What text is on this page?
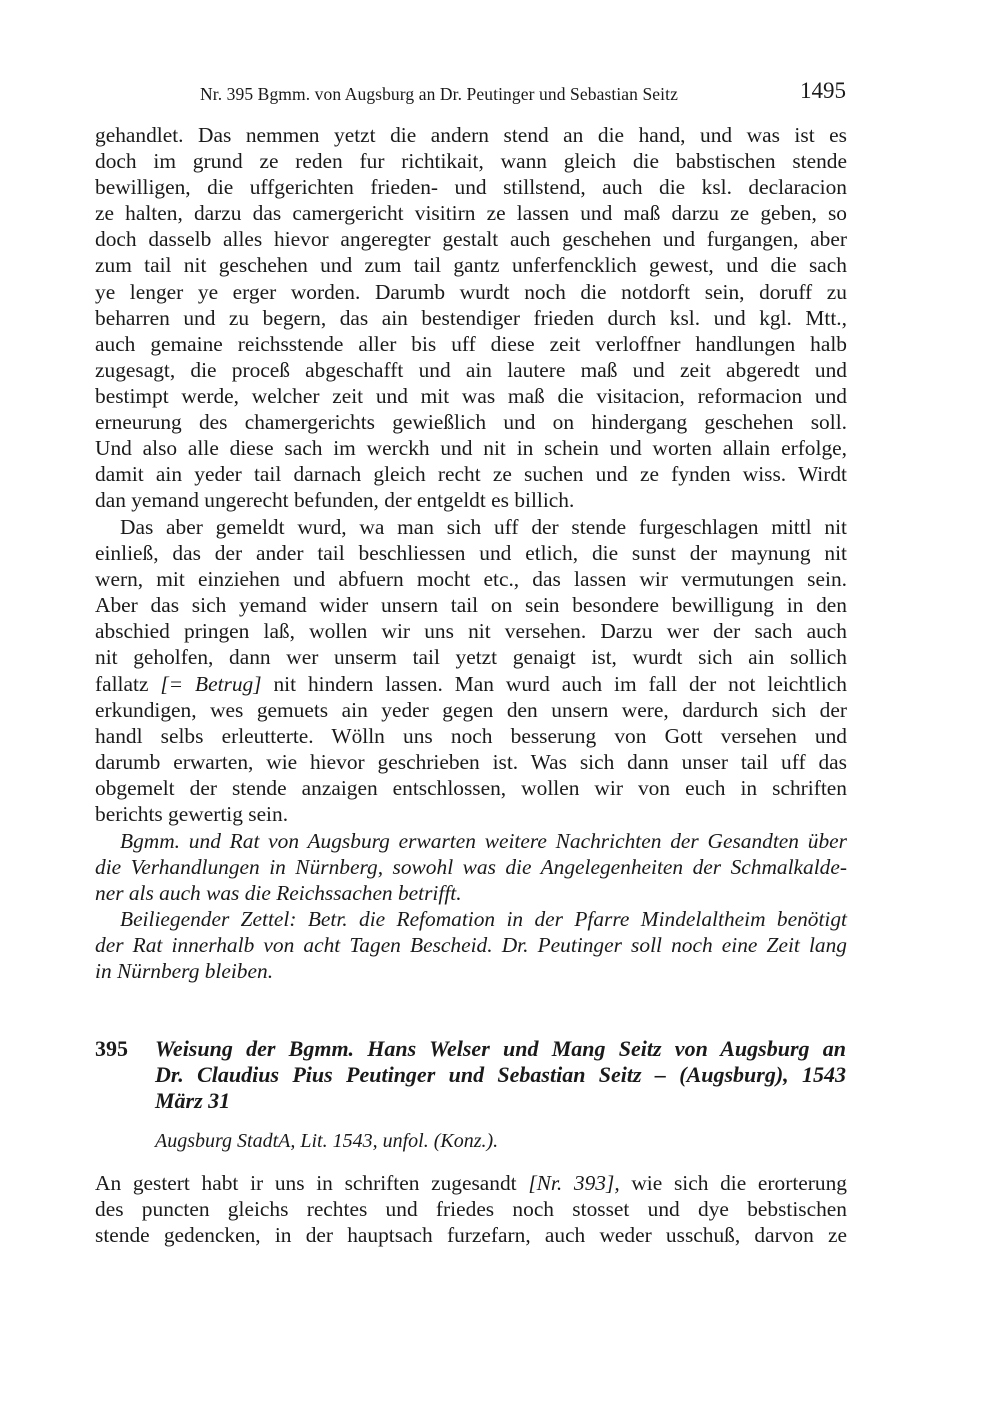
Nr. 395 Bgmm. von Augsburg an Dr. Peutinger und Sebastian Seitz	1495
gehandlet. Das nemmen yetzt die andern stend an die hand, und was ist es
doch im grund ze reden fur richtikait, wann gleich die babstischen stende
bewilligen, die uffgerichten frieden- und stillstend, auch die ksl. declaracion
ze halten, darzu das camergericht visitirn ze lassen und maß darzu ze geben, so
doch dasselb alles hievor angeregter gestalt auch geschehen und furgangen, aber
zum tail nit geschehen und zum tail gantz unferfencklich gewest, und die sach
ye lenger ye erger worden. Darumb wurdt noch die notdorft sein, doruff zu
beharren und zu begern, das ain bestendiger frieden durch ksl. und kgl. Mtt.,
auch gemaine reichsstende aller bis uff diese zeit verloffner handlungen halb
zugesagt, die proceß abgeschafft und ain lautere maß und zeit abgeredt und
bestimpt werde, welcher zeit und mit was maß die visitacion, reformacion und
erneurung des chamergerichts gewießlich und on hindergang geschehen soll.
Und also alle diese sach im werckh und nit in schein und worten allain erfolge,
damit ain yeder tail darnach gleich recht ze suchen und ze fynden wiss. Wirdt
dan yemand ungerecht befunden, der entgeldt es billich.
Das aber gemeldt wurd, wa man sich uff der stende furgeschlagen mittl nit
einließ, das der ander tail beschliessen und etlich, die sunst der maynung nit
wern, mit einziehen und abfuern mocht etc., das lassen wir vermutungen sein.
Aber das sich yemand wider unsern tail on sein besondere bewilligung in den
abschied pringen laß, wollen wir uns nit versehen. Darzu wer der sach auch
nit geholfen, dann wer unserm tail yetzt genaigt ist, wurdt sich ain sollich
fallatz [= Betrug] nit hindern lassen. Man wurd auch im fall der not leichtlich
erkundigen, wes gemuets ain yeder gegen den unsern were, dardurch sich der
handl selbs erleutterte. Wölln uns noch besserung von Gott versehen und
darumb erwarten, wie hievor geschrieben ist. Was sich dann unser tail uff das
obgemelt der stende anzaigen entschlossen, wollen wir von euch in schriften
berichts gewertig sein.
Bgmm. und Rat von Augsburg erwarten weitere Nachrichten der Gesandten über
die Verhandlungen in Nürnberg, sowohl was die Angelegenheiten der Schmalkalde-
ner als auch was die Reichssachen betrifft.
Beiliegender Zettel: Betr. die Refomation in der Pfarre Mindelaltheim benötigt
der Rat innerhalb von acht Tagen Bescheid. Dr. Peutinger soll noch eine Zeit lang
in Nürnberg bleiben.
395 Weisung der Bgmm. Hans Welser und Mang Seitz von Augsburg an
Dr. Claudius Pius Peutinger und Sebastian Seitz – (Augsburg), 1543
März 31
Augsburg StadtA, Lit. 1543, unfol. (Konz.).
An gestert habt ir uns in schriften zugesandt [Nr. 393], wie sich die erorterung
des puncten gleichs rechtes und friedes noch stosset und dye bebstischen
stende gedencken, in der hauptsach furzefarn, auch weder usschuß, darvon ze
